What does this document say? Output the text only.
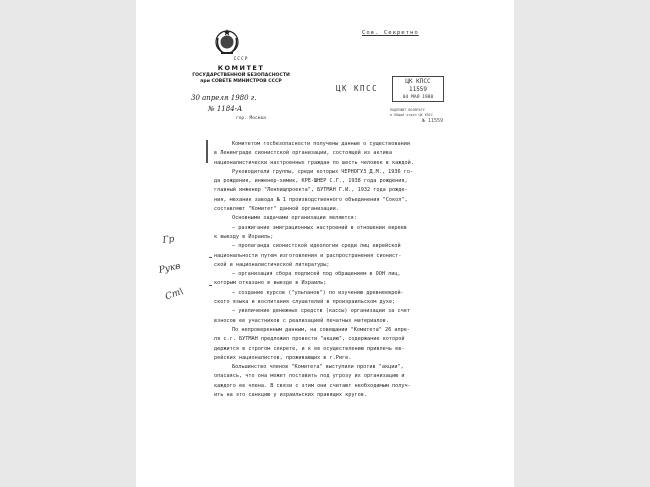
СССР
КОМИТЕТ
ГОСУДАРСТВЕННОЙ БЕЗОПАСНОСТИ
при СОВЕТЕ МИНИСТРОВ СССР
30 апреля 1980 г.
№ 1184-А
гор. Москва
Сов. Секретно
ЦК КПСС
ЦК КПСС
11559
04 МАЯ 1980
ПОДЛЕЖИТ ВОЗВРАТУ
в Общий отдел ЦК КПСС
№ 11559
Комитетом госбезопасности получены данные о существовании
в Ленинграде сионистской организации, состоящей из актива
националистически настроенных граждан по шесть человек в каждой.
Руководители группы, среди которых ЧЕРНОГУЗ Д.М., 1936 го-
да рождения, инженер-химик, КРЕ-ШНЕР С.Г., 1938 года рождения,
главный инженер "Ленпищпроекта", БУТМАН Г.И., 1932 года рожде-
ния, механик завода № 1 производственного объединения "Сокол",
составляют "Комитет" данной организации.
Основными задачами организации являются:
– разжигание эмиграционных настроений в отношении евреев
к выезду в Израиль;
– пропаганда сионистской идеологии среди лиц еврейской
национальности путем изготовления и распространения сионист-
ской и националистической литературы;
– организация сбора подписей под обращением в ООН лиц,
которым отказано в выезде в Израиль;
– создание курсов ("ульпанов") по изучению древнееврей-
ского языка и воспитания слушателей в произраильском духе;
– увеличение денежных средств (кассы) организации за счет
взносов ее участников с реализацией печатных материалов.
По непроверенным данным, на совещании "Комитета" 26 апре-
ля с.г. БУТМАН предложил провести "акцию", содержание которой
держится в строгом секрете, и к ее осуществлению привлечь ев-
рейских националистов, проживающих в г.Риге.
Большинство членов "Комитета" выступили против "акции",
опасаясь, что она может поставить под угрозу их организацию и
каждого ее члена. В связи с этим они считают необходимым получ-
ить на это санкцию у израильских правящих кругов.
Гр
Рукв
Ст\
